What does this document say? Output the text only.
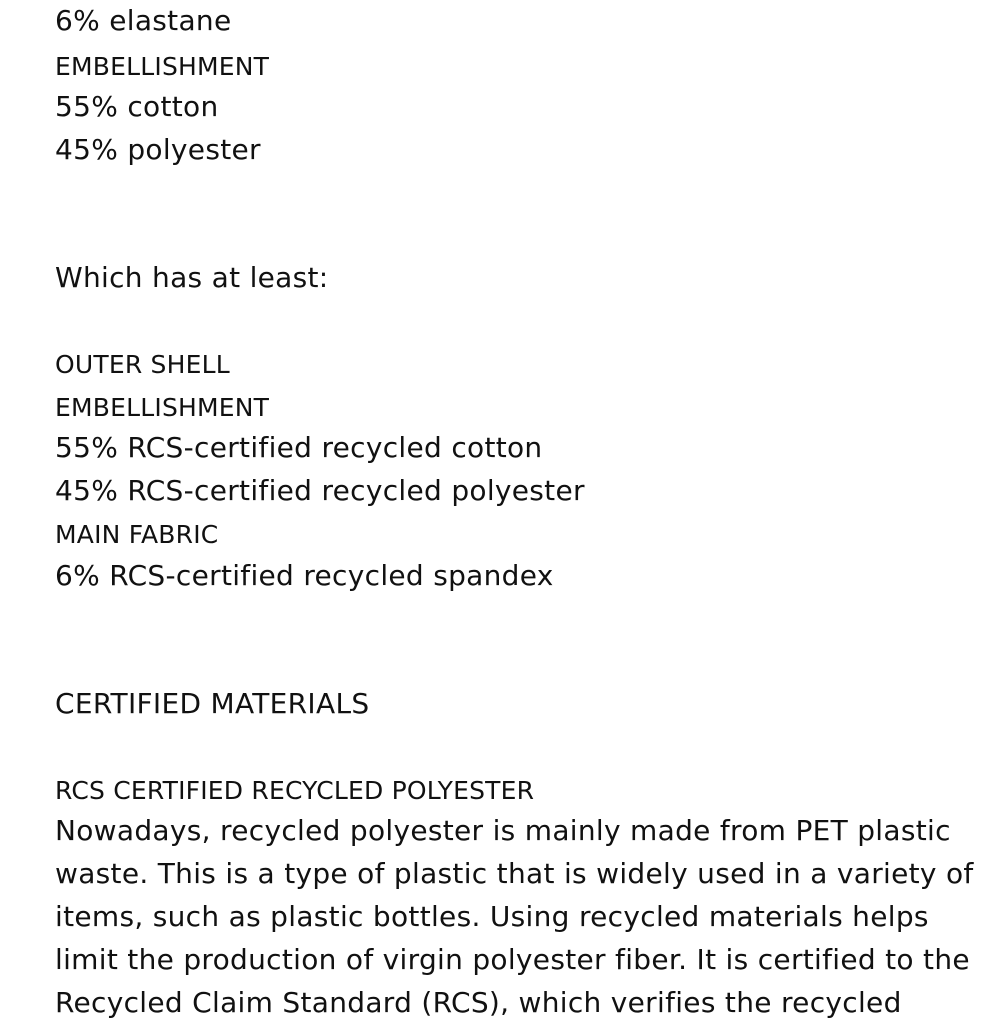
6% elastane
EMBELLISHMENT
55% cotton
45% polyester
Which has at least:
OUTER SHELL
EMBELLISHMENT
55% RCS-certified recycled cotton
45% RCS-certified recycled polyester
MAIN FABRIC
6% RCS-certified recycled spandex
CERTIFIED MATERIALS
RCS CERTIFIED RECYCLED POLYESTER
Nowadays, recycled polyester is mainly made from PET plastic
waste. This is a type of plastic that is widely used in a variety of
items, such as plastic bottles. Using recycled materials helps
limit the production of virgin polyester fiber. It is certified to the
Recycled Claim Standard (RCS), which verifies the recycled
